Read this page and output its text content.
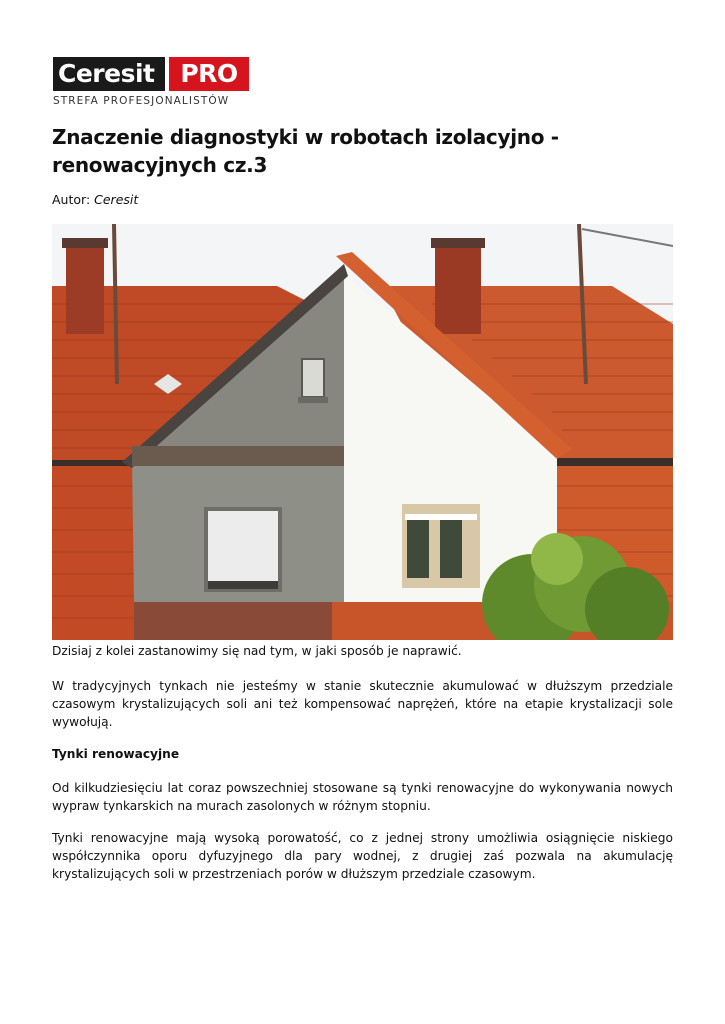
Ceresit	PRO
STREFA PROFESJONALISTÓW
Znaczenie diagnostyki w robotach izolacyjno - renowacyjnych cz.3
Autor: Ceresit

Dzisiaj z kolei zastanowimy się nad tym, w jaki sposób je naprawić.

W tradycyjnych tynkach nie jesteśmy w stanie skutecznie akumulować w dłuższym przedziale czasowym krystalizujących soli ani też kompensować naprężeń, które na etapie krystalizacji sole wywołują.

Tynki renowacyjne

Od kilkudziesięciu lat coraz powszechniej stosowane są tynki renowacyjne do wykonywania nowych wypraw tynkarskich na murach zasolonych w różnym stopniu.

Tynki renowacyjne mają wysoką porowatość, co z jednej strony umożliwia osiągnięcie niskiego współczynnika oporu dyfuzyjnego dla pary wodnej, z drugiej zaś pozwala na akumulację krystalizujących soli w przestrzeniach porów w dłuższym przedziale czasowym.
